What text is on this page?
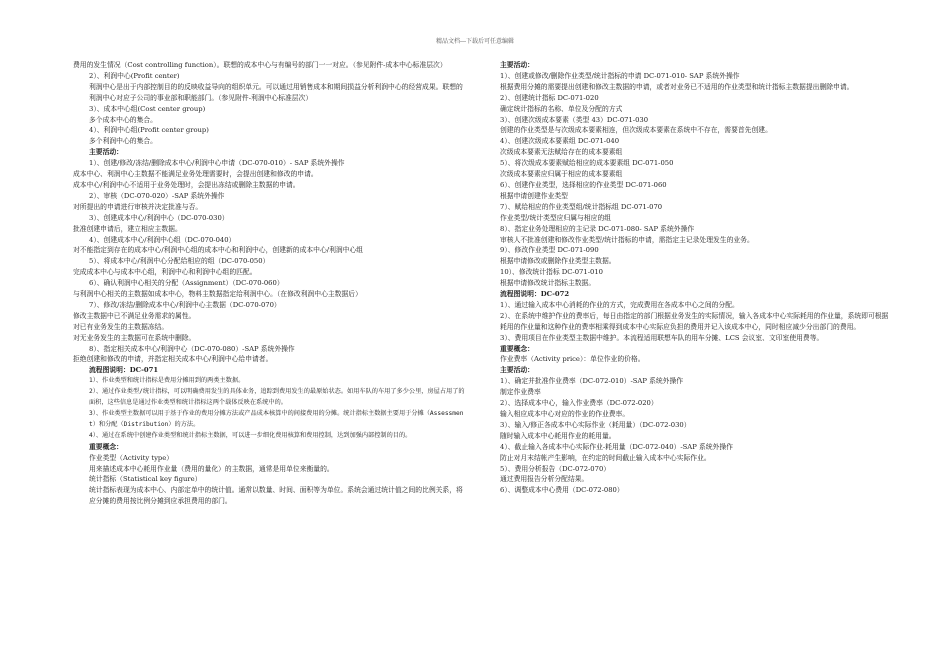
精品文档---下载后可任意编辑

费用的发生情况（Cost controlling function）。联想的成本中心与有编号的部门一一对应。（参见附件-成本中心标准层次）

2）、利润中心(Profit center)

利润中心是出于内部控制目的的反映收益导向的组织单元。可以通过用销售成本和期间损益分析利润中心的经营成果。联想的利润中心对应子公司的事业部和职能部门。（参见附件-利润中心标准层次）

3）、成本中心组(Cost center group)

多个成本中心的集合。

4）、利润中心组(Profit center group)

多个利润中心的集合。

主要活动：

1）、创建/修改/冻结/删除成本中心/利润中心申请（DC-070-010）- SAP 系统外操作

成本中心、利润中心主数据不能满足业务处理需要时，会提出创建和修改的申请。

成本中心/利润中心不适用于业务处理时，会提出冻结或删除主数据的申请。

2）、审核（DC-070-020）-SAP 系统外操作

对所提出的申请进行审核并决定批准与否。

3）、创建成本中心/利润中心（DC-070-030）

批准创建申请后，建立相应主数据。

4）、创建成本中心/利润中心组（DC-070-040）

对不能指定到存在的成本中心/利润中心组的成本中心和利润中心，创建新的成本中心/利润中心组

5）、将成本中心/利润中心分配给相应的组（DC-070-050）

完成成本中心与成本中心组，利润中心和利润中心组的匹配。

6）、确认利润中心相关的分配（Assignment）（DC-070-060）

与利润中心相关的主数据如成本中心，物料主数据指定给利润中心。（在修改利润中心主数据后）

7）、修改/冻结/删除成本中心/利润中心主数据（DC-070-070）

修改主数据中已不满足业务需求的属性。

对已有业务发生的主数据冻结。

对无业务发生的主数据可在系统中删除。

8）、指定相关成本中心/利润中心（DC-070-080）-SAP 系统外操作

拒绝创建和修改的申请，并指定相关成本中心/利润中心给申请者。

流程图说明：DC-071

1）、作业类型和统计指标是费用分摊用到的两类主数据。

2）、通过作业类型/统计指标，可以明确费用发生的具体业务，追踪到费用发生的最原始状态。如用车队的车用了多少公里，房屋占用了的面积，这些信息是通过作业类型和统计指标这两个载体反映在系统中的。

3）、作业类型主数据可以用于基于作业的费用分摊方法或产品成本核算中的间接费用的分摊。统计指标主数据主要用于分摊（Assessment）和分配（Distribution）的方法。

4）、通过在系统中创建作业类型和统计指标主数据，可以进一步细化费用核算和费用控制，达到加强内部控制的目的。

重要概念：

作业类型（Activity type）

用来描述成本中心耗用作业量（费用的量化）的主数据，通常是用单位来衡量的。

统计指标（Statistical key figure）

统计指标表现为成本中心、内部定单中的统计值。通常以数量、时间、面积等为单位。系统会通过统计值之间的比例关系，将应分摊的费用按比例分摊到应承担费用的部门。

主要活动：

1）、创建或修改/删除作业类型/统计指标的申请 DC-071-010- SAP 系统外操作

根据费用分摊的需要提出创建和修改主数据的申请，或者对业务已不适用的作业类型和统计指标主数据提出删除申请。

2）、创建统计指标 DC-071-020

确定统计指标的名称、单位及分配的方式

3）、创建次级成本要素（类型 43）DC-071-030

创建的作业类型是与次级成本要素相连，但次级成本要素在系统中不存在，需要首先创建。

4）、创建次级成本要素组 DC-071-040

次级成本要素无法赋给存在的成本要素组

5）、将次级成本要素赋给相应的成本要素组 DC-071-050

次级成本要素应归属于相应的成本要素组

6）、创建作业类型，选择相应的作业类型 DC-071-060

根据申请创建作业类型

7）、赋给相应的作业类型组/统计指标组 DC-071-070

作业类型/统计类型应归属与相应的组

8）、指定业务处理相应的主记录 DC-071-080- SAP 系统外操作

审核人不批准创建和修改作业类型/统计指标的申请，需指定主记录处理发生的业务。

9）、修改作业类型 DC-071-090

根据申请修改或删除作业类型主数据。

10）、修改统计指标 DC-071-010

根据申请修改统计指标主数据。

流程图说明：DC-072

1）、通过输入成本中心消耗的作业的方式，完成费用在各成本中心之间的分配。

2）、在系统中维护作业的费率后，每日由指定的部门根据业务发生的实际情况，输入各成本中心实际耗用的作业量，系统即可根据耗用的作业量和这种作业的费率相乘得到成本中心实际应负担的费用并记入该成本中心，同时相应减少分出部门的费用。

3）、费用项目在作业类型主数据中维护。本流程适用联想车队的用车分摊、LCS 会议室、文印室使用费等。

重要概念：

作业费率（Activity price）：单位作业的价格。

主要活动：

1）、确定并批准作业费率（DC-072-010）-SAP 系统外操作

制定作业费率

2）、选择成本中心，输入作业费率（DC-072-020）

输入相应成本中心对应的作业的作业费率。

3）、输入/修正各成本中心实际作业（耗用量）（DC-072-030）

随时输入成本中心耗用作业的耗用量。

4）、截止输入各成本中心实际作业-耗用量（DC-072-040）-SAP 系统外操作

防止对月末结帐产生影响，在约定的时间截止输入成本中心实际作业。

5）、费用分析报告（DC-072-070）

通过费用报告分析分配结果。

6）、调整成本中心费用（DC-072-080）
